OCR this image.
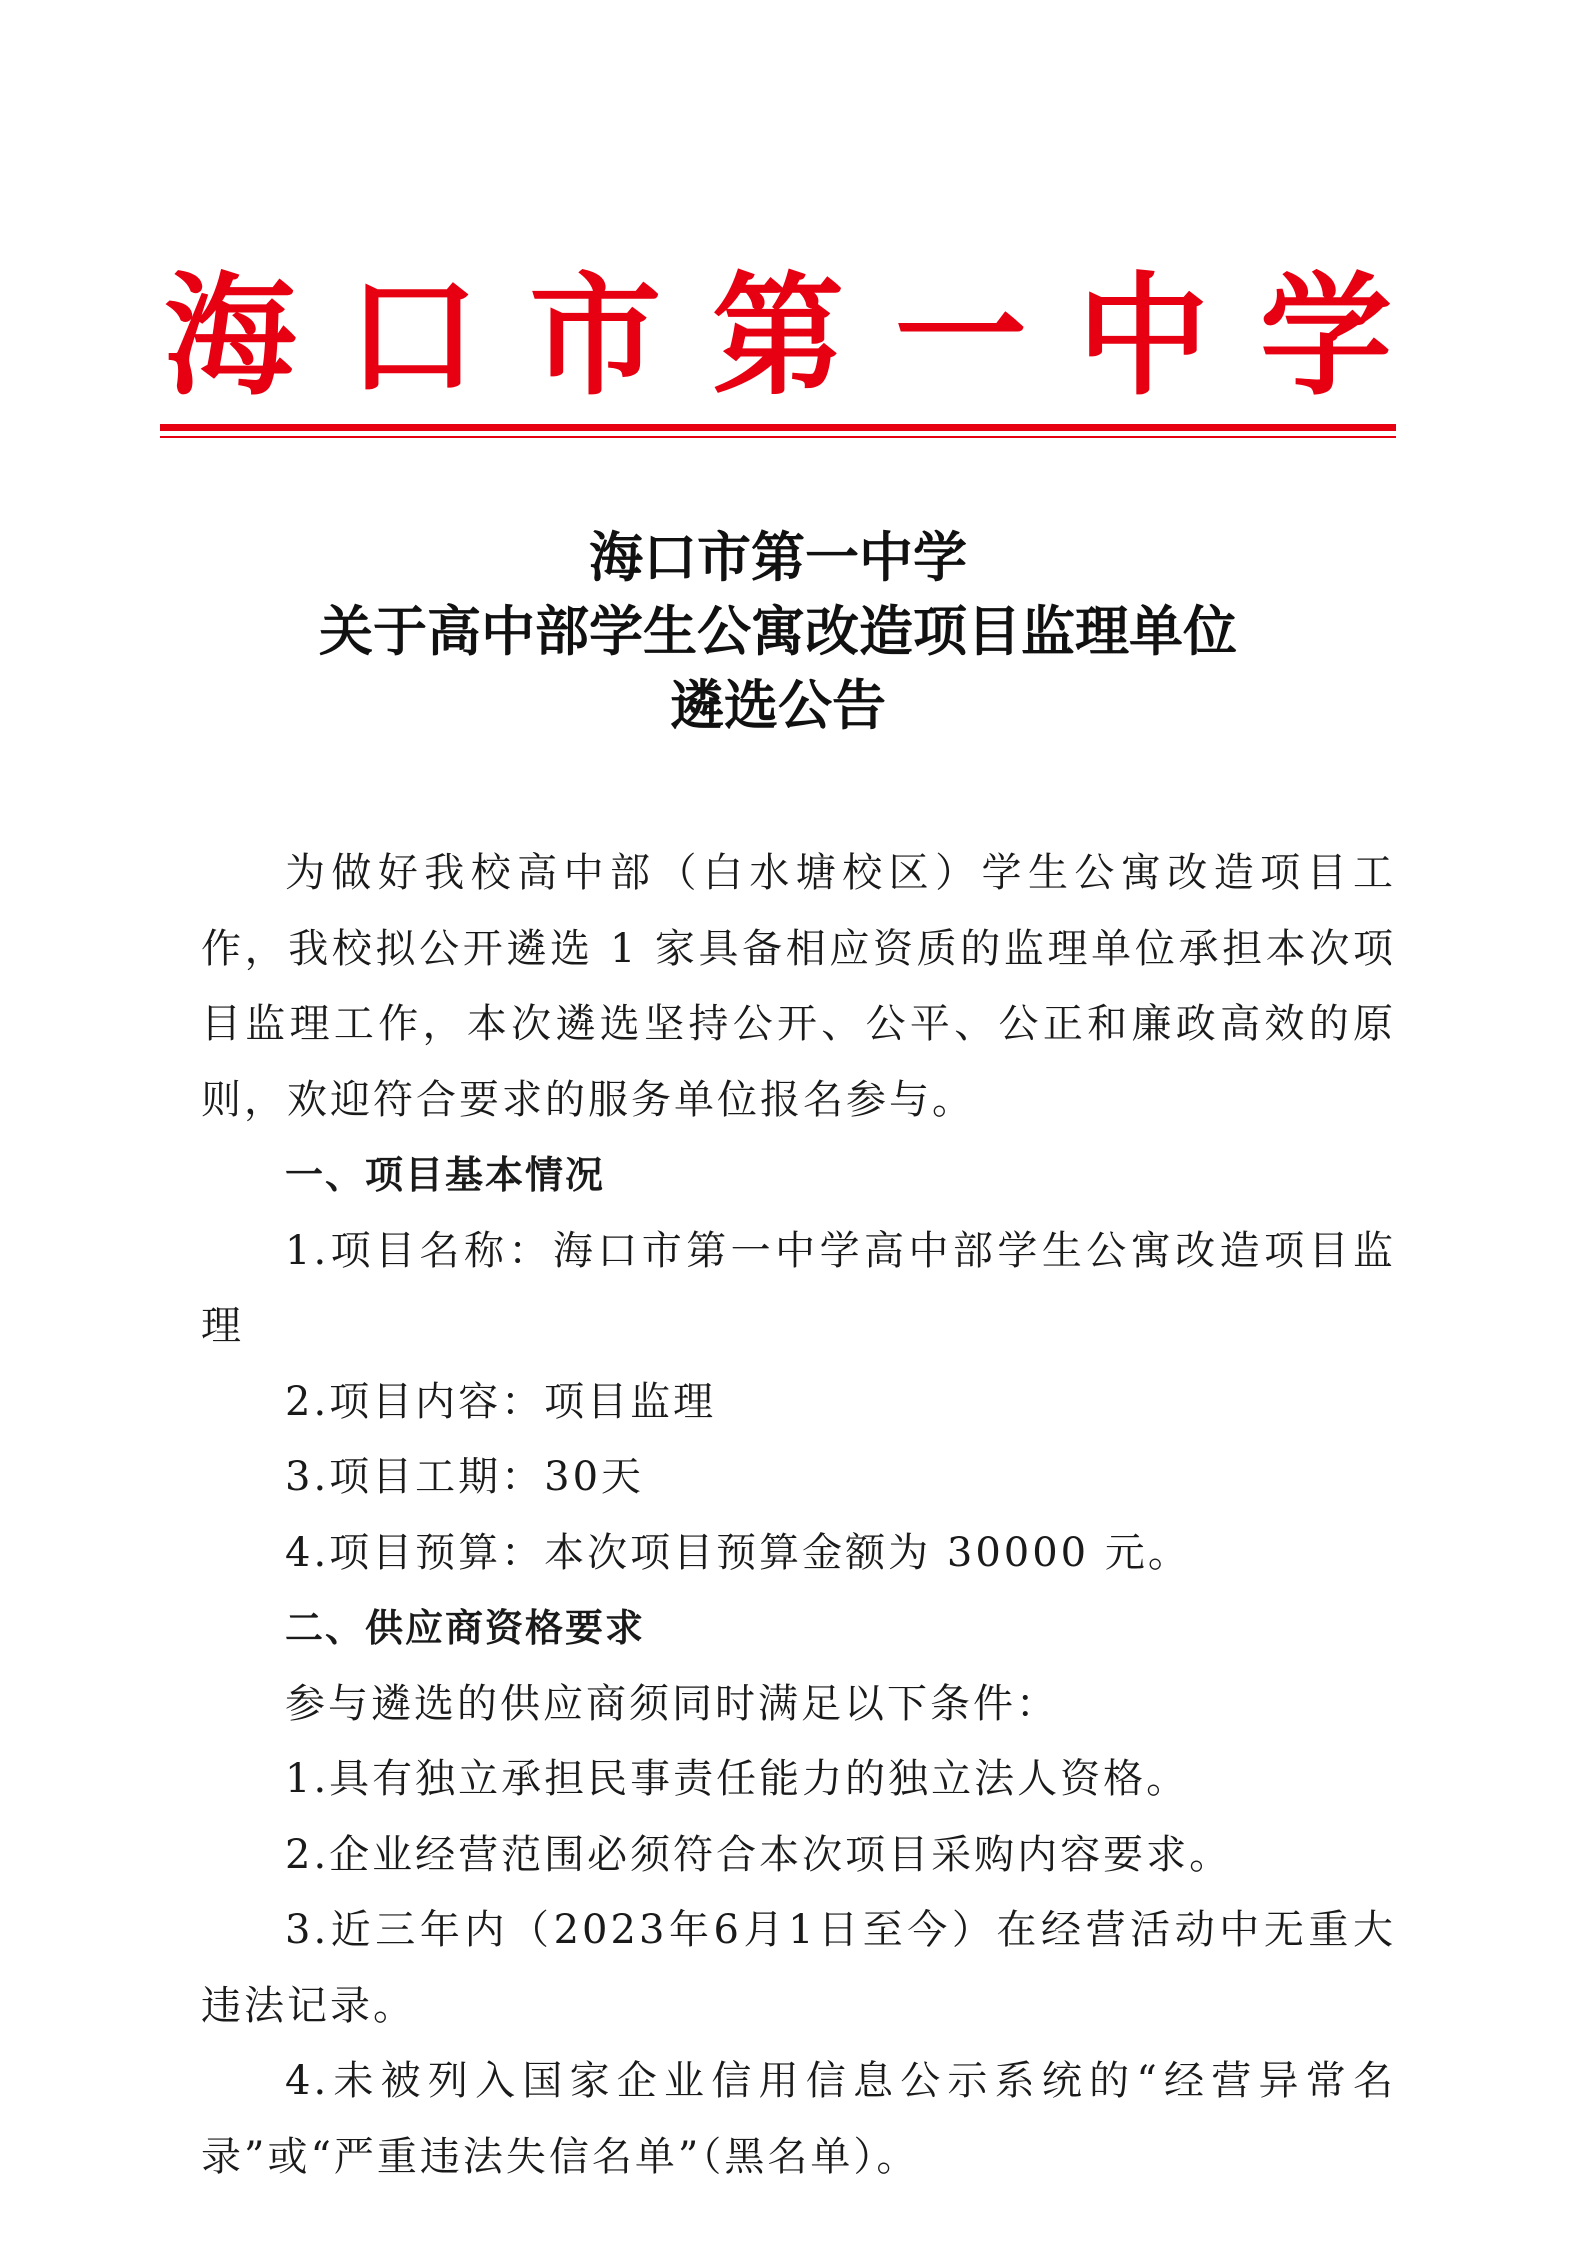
海 口 市 第 一 中 学
海口市第一中学
关于高中部学生公寓改造项目监理单位
遴选公告

为做好我校高中部（白水塘校区）学生公寓改造项目工作，我校拟公开遴选 1 家具备相应资质的监理单位承担本次项目监理工作，本次遴选坚持公开、公平、公正和廉政高效的原则，欢迎符合要求的服务单位报名参与。

一、项目基本情况

1.项目名称：海口市第一中学高中部学生公寓改造项目监理

2.项目内容：项目监理

3.项目工期：30天

4.项目预算：本次项目预算金额为 30000 元。

二、供应商资格要求

参与遴选的供应商须同时满足以下条件：

1.具有独立承担民事责任能力的独立法人资格。

2.企业经营范围必须符合本次项目采购内容要求。

3.近三年内（2023年6月1日至今）在经营活动中无重大违法记录。

4.未被列入国家企业信用信息公示系统的“经营异常名录”或“严重违法失信名单”（黑名单）。
